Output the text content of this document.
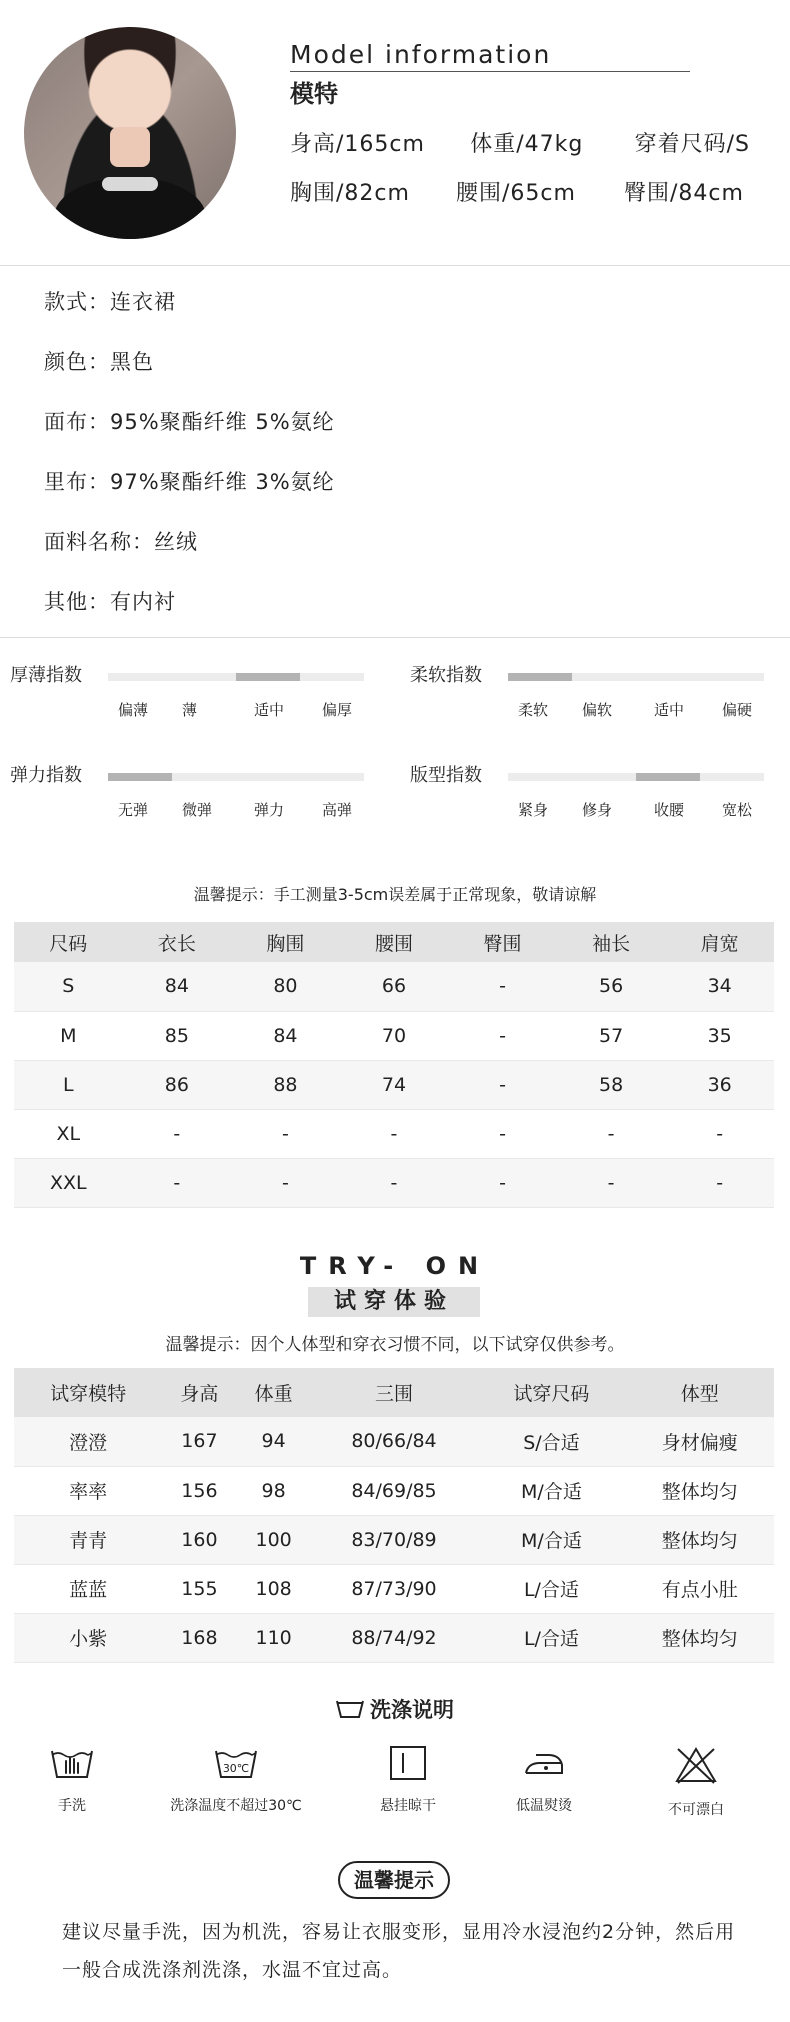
Model information
模特
身高/165cm	体重/47kg	穿着尺码/S
胸围/82cm	腰围/65cm	臀围/84cm
款式：连衣裙
颜色：黑色
面布：95%聚酯纤维 5%氨纶
里布：97%聚酯纤维 3%氨纶
面料名称：丝绒
其他：有内衬
厚薄指数
偏薄 薄	适中	偏厚
柔软指数
柔软 偏软	适中	偏硬
弹力指数
无弹 微弹	弹力	高弹
版型指数
紧身 修身	收腰	宽松
温馨提示：手工测量3-5cm误差属于正常现象，敬请谅解
尺码	衣长	胸围	腰围	臀围	袖长	肩宽
S	84	80	66	-	56	34
M	85	84	70	-	57	35
L	86	88	74	-	58	36
XL	-	-	-	-	-	-
XXL	-	-	-	-	-	-
TRY- ON
试穿体验
温馨提示：因个人体型和穿衣习惯不同，以下试穿仅供参考。
试穿模特	身高	体重	三围	试穿尺码	体型
澄澄	167	94	80/66/84	S/合适	身材偏瘦
率率	156	98	84/69/85	M/合适	整体均匀
青青	160	100	83/70/89	M/合适	整体均匀
蓝蓝	155	108	87/73/90	L/合适	有点小肚
小紫	168	110	88/74/92	L/合适	整体均匀
洗涤说明
手洗
30℃
洗涤温度不超过30℃	悬挂晾干	低温熨烫	不可漂白
温馨提示
建议尽量手洗，因为机洗，容易让衣服变形，显用冷水浸泡约2分钟，然后用一般合成洗涤剂洗涤，水温不宜过高。
